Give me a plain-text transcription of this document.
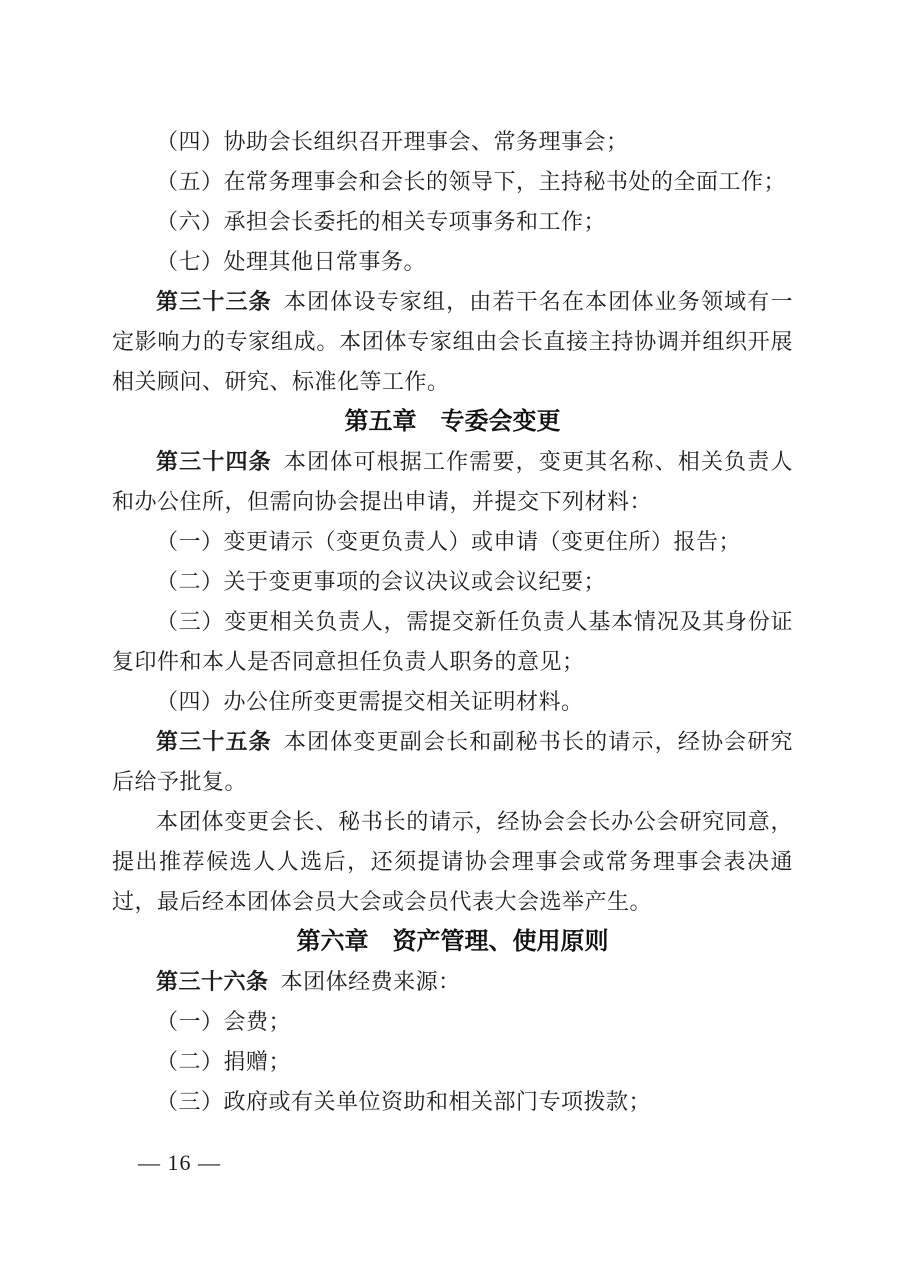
（四）协助会长组织召开理事会、常务理事会；

（五）在常务理事会和会长的领导下，主持秘书处的全面工作；

（六）承担会长委托的相关专项事务和工作；

（七）处理其他日常事务。

第三十三条 本团体设专家组，由若干名在本团体业务领域有一定影响力的专家组成。本团体专家组由会长直接主持协调并组织开展相关顾问、研究、标准化等工作。

第五章　专委会变更

第三十四条 本团体可根据工作需要，变更其名称、相关负责人和办公住所，但需向协会提出申请，并提交下列材料：

（一）变更请示（变更负责人）或申请（变更住所）报告；

（二）关于变更事项的会议决议或会议纪要；

（三）变更相关负责人，需提交新任负责人基本情况及其身份证复印件和本人是否同意担任负责人职务的意见；

（四）办公住所变更需提交相关证明材料。

第三十五条 本团体变更副会长和副秘书长的请示，经协会研究后给予批复。

本团体变更会长、秘书长的请示，经协会会长办公会研究同意，提出推荐候选人人选后，还须提请协会理事会或常务理事会表决通过，最后经本团体会员大会或会员代表大会选举产生。

第六章　资产管理、使用原则

第三十六条 本团体经费来源：

（一）会费；

（二）捐赠；

（三）政府或有关单位资助和相关部门专项拨款；

— 16 —
